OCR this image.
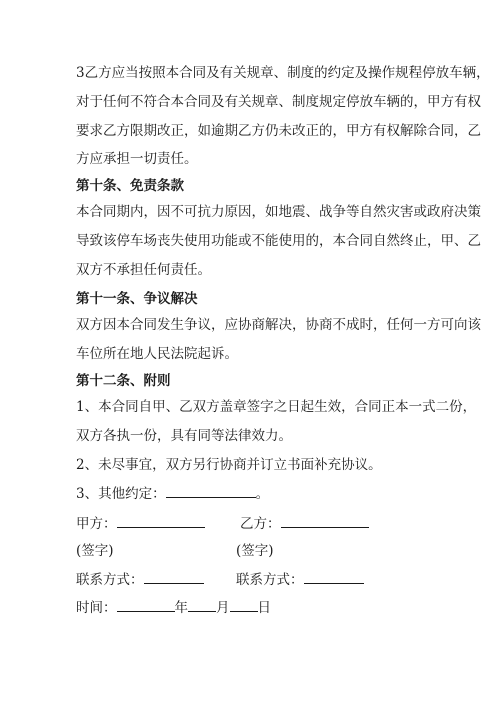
3乙方应当按照本合同及有关规章、制度的约定及操作规程停放车辆，
对于任何不符合本合同及有关规章、制度规定停放车辆的，甲方有权
要求乙方限期改正，如逾期乙方仍未改正的，甲方有权解除合同，乙
方应承担一切责任。
第十条、免责条款
本合同期内，因不可抗力原因，如地震、战争等自然灾害或政府决策
导致该停车场丧失使用功能或不能使用的，本合同自然终止，甲、乙
双方不承担任何责任。
第十一条、争议解决
双方因本合同发生争议，应协商解决，协商不成时，任何一方可向该
车位所在地人民法院起诉。
第十二条、附则
1、本合同自甲、乙双方盖章签字之日起生效，合同正本一式二份，
双方各执一份，具有同等法律效力。
2、未尽事宜，双方另行协商并订立书面补充协议。
3、其他约定：	。
甲方：	乙方：
(签字)	(签字)
联系方式：	联系方式：
时间：	年 月 日
